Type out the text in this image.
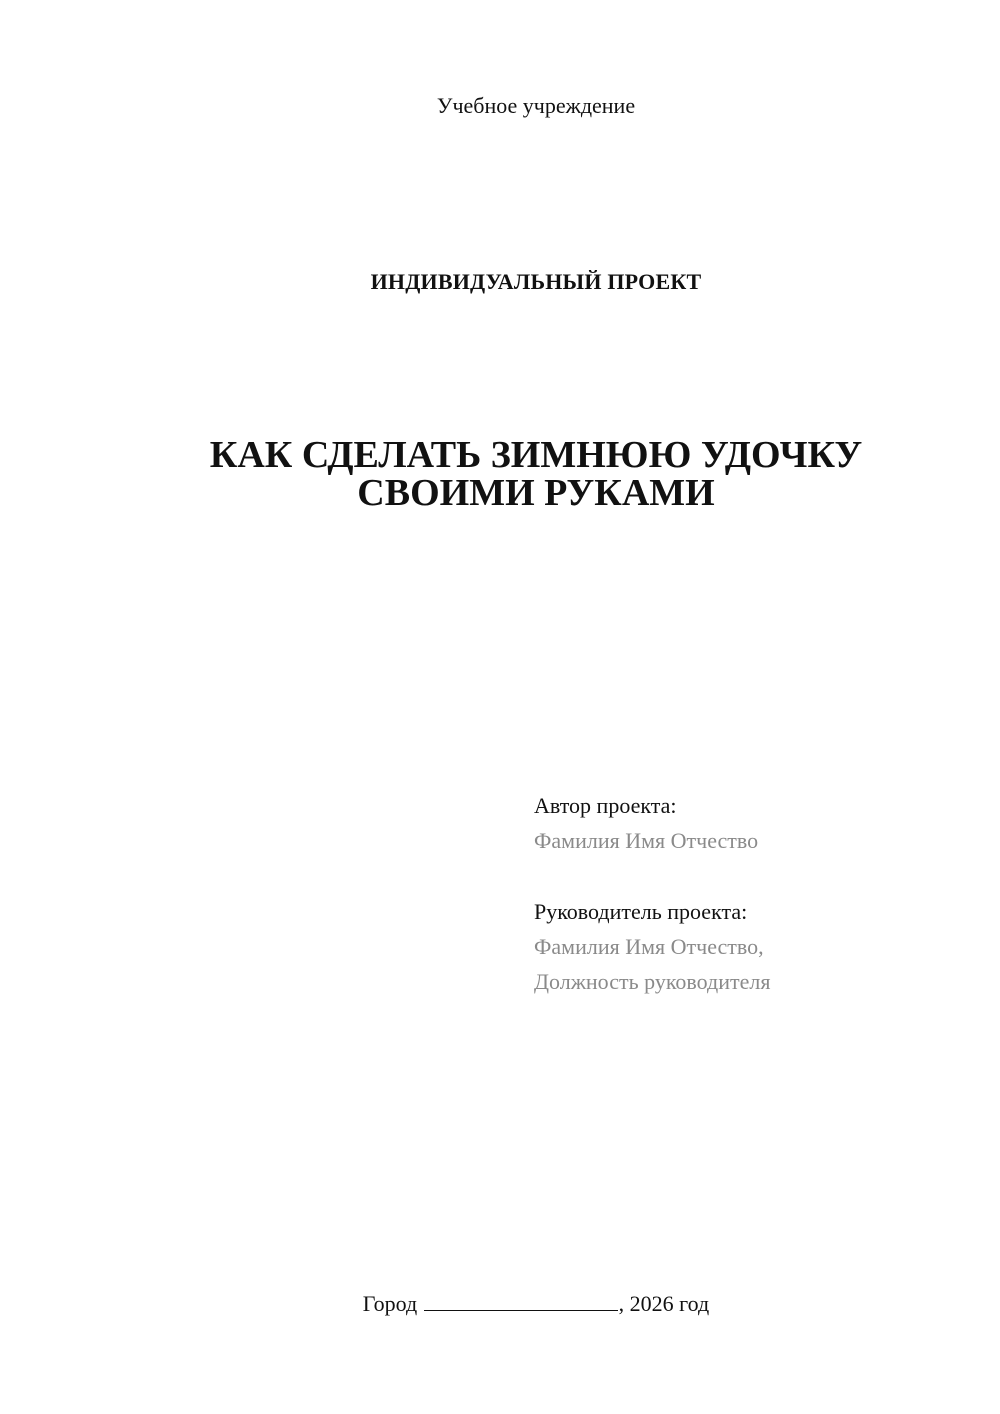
Учебное учреждение
ИНДИВИДУАЛЬНЫЙ ПРОЕКТ
КАК СДЕЛАТЬ ЗИМНЮЮ УДОЧКУ
СВОИМИ РУКАМИ
Автор проекта:
Фамилия Имя Отчество
Руководитель проекта:
Фамилия Имя Отчество,
Должность руководителя
Город	, 2026 год
